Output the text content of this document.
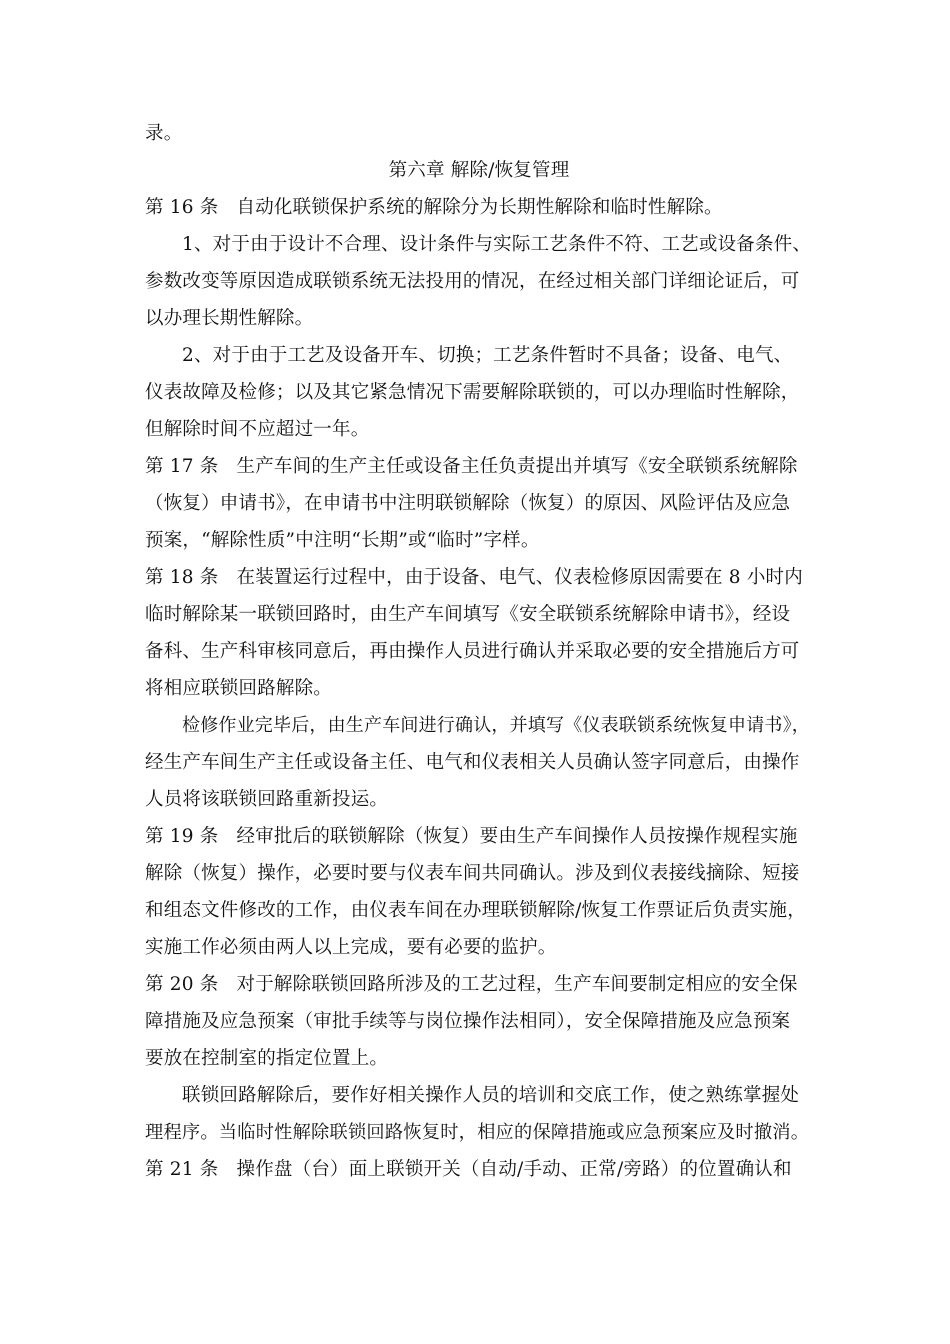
录。
第六章 解除/恢复管理
第 16 条 自动化联锁保护系统的解除分为长期性解除和临时性解除。
1、对于由于设计不合理、设计条件与实际工艺条件不符、工艺或设备条件、
参数改变等原因造成联锁系统无法投用的情况，在经过相关部门详细论证后，可
以办理长期性解除。
2、对于由于工艺及设备开车、切换；工艺条件暂时不具备；设备、电气、
仪表故障及检修；以及其它紧急情况下需要解除联锁的，可以办理临时性解除，
但解除时间不应超过一年。
第 17 条 生产车间的生产主任或设备主任负责提出并填写《安全联锁系统解除
（恢复）申请书》，在申请书中注明联锁解除（恢复）的原因、风险评估及应急
预案，“解除性质”中注明“长期”或“临时”字样。
第 18 条 在装置运行过程中，由于设备、电气、仪表检修原因需要在 8 小时内
临时解除某一联锁回路时，由生产车间填写《安全联锁系统解除申请书》，经设
备科、生产科审核同意后，再由操作人员进行确认并采取必要的安全措施后方可
将相应联锁回路解除。
检修作业完毕后，由生产车间进行确认，并填写《仪表联锁系统恢复申请书》，
经生产车间生产主任或设备主任、电气和仪表相关人员确认签字同意后，由操作
人员将该联锁回路重新投运。
第 19 条 经审批后的联锁解除（恢复）要由生产车间操作人员按操作规程实施
解除（恢复）操作，必要时要与仪表车间共同确认。涉及到仪表接线摘除、短接
和组态文件修改的工作，由仪表车间在办理联锁解除/恢复工作票证后负责实施，
实施工作必须由两人以上完成，要有必要的监护。
第 20 条 对于解除联锁回路所涉及的工艺过程，生产车间要制定相应的安全保
障措施及应急预案（审批手续等与岗位操作法相同），安全保障措施及应急预案
要放在控制室的指定位置上。
联锁回路解除后，要作好相关操作人员的培训和交底工作，使之熟练掌握处
理程序。当临时性解除联锁回路恢复时，相应的保障措施或应急预案应及时撤消。
第 21 条 操作盘（台）面上联锁开关（自动/手动、正常/旁路）的位置确认和
